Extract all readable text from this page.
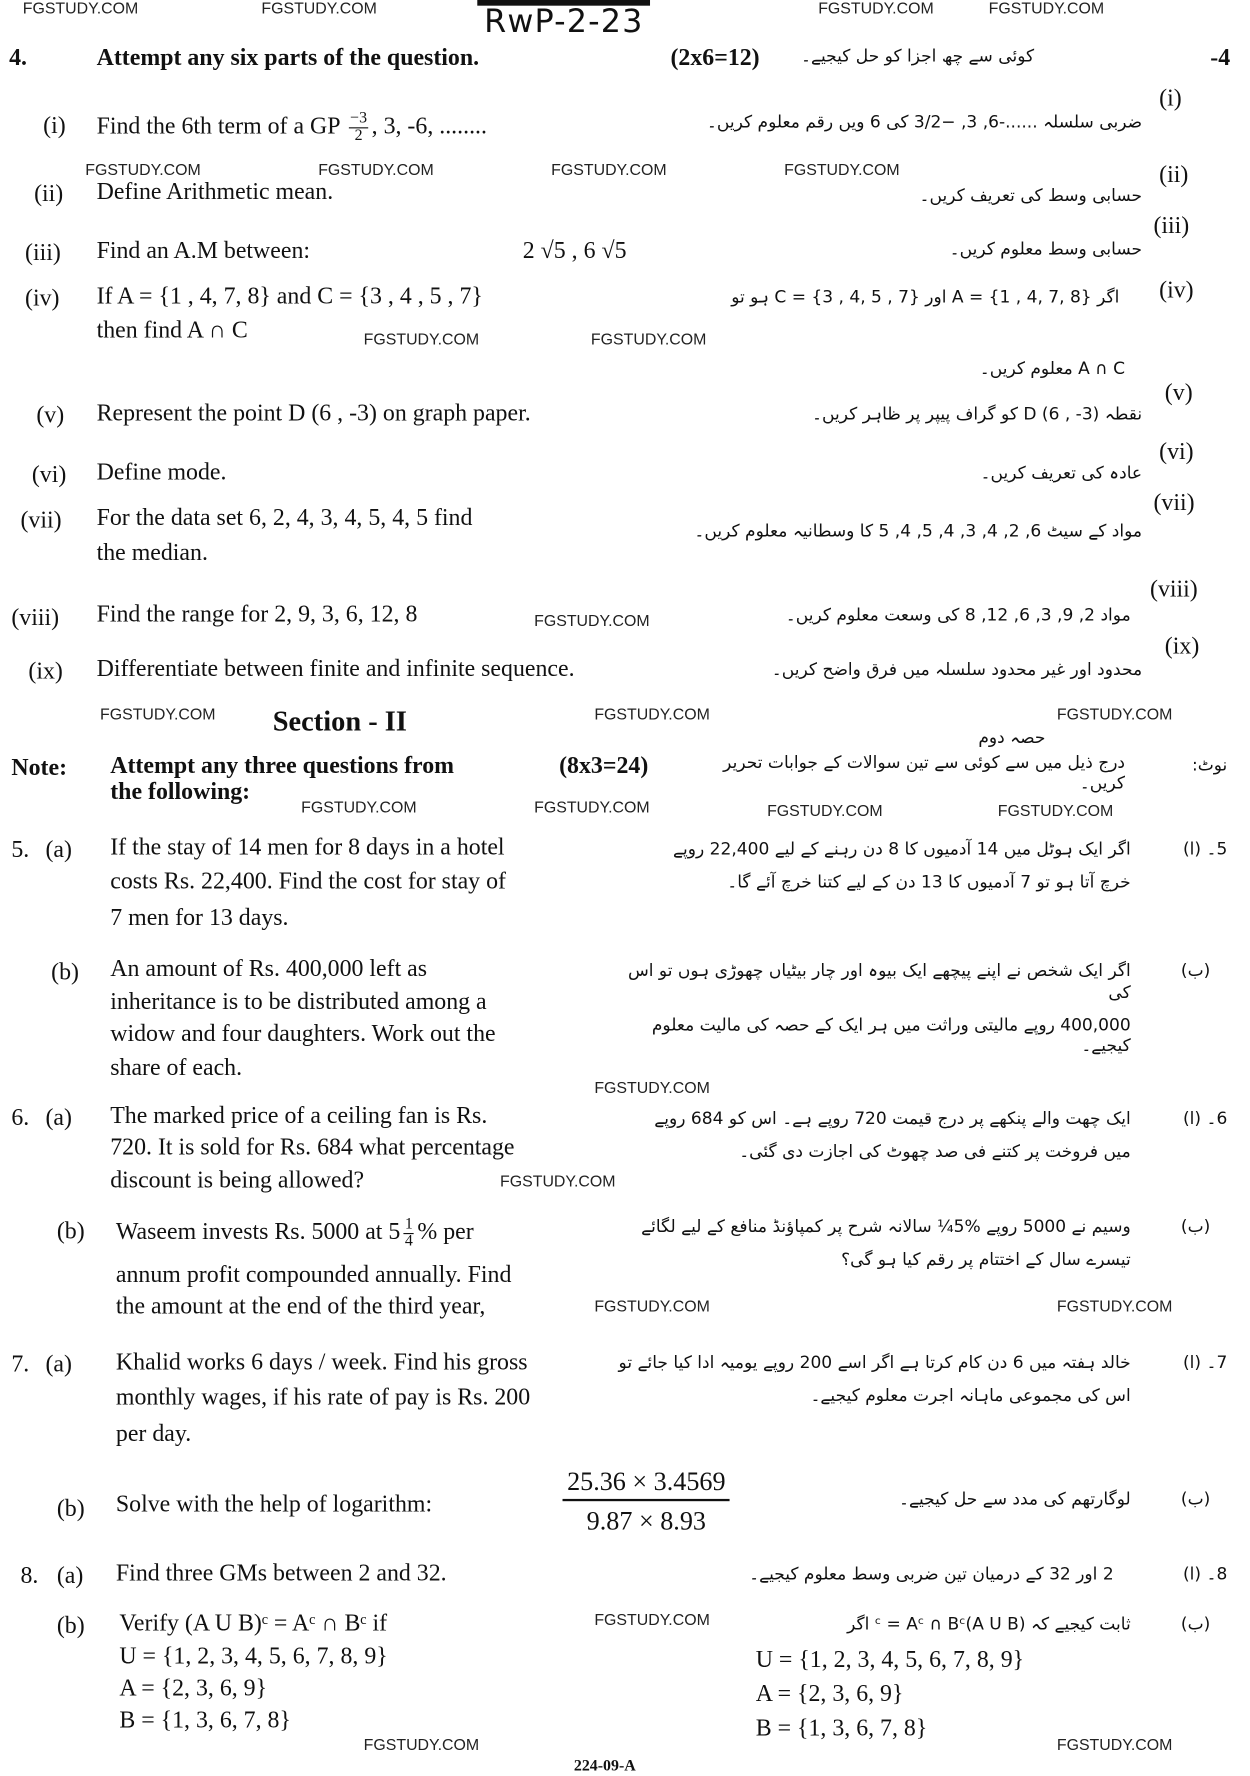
FGSTUDY.COM	FGSTUDY.COM	FGSTUDY.COM	FGSTUDY.COM
FGSTUDY.COM	FGSTUDY.COM	FGSTUDY.COM	FGSTUDY.COM
FGSTUDY.COM	FGSTUDY.COM
FGSTUDY.COM
FGSTUDY.COM	FGSTUDY.COM	FGSTUDY.COM
FGSTUDY.COM	FGSTUDY.COM	FGSTUDY.COM	FGSTUDY.COM
FGSTUDY.COM
FGSTUDY.COM
FGSTUDY.COM	FGSTUDY.COM
FGSTUDY.COM
FGSTUDY.COM	FGSTUDY.COM
RwP-2-23
4.	Attempt any six parts of the question.	(2x6=12)	کوئی سے چھ اجزا کو حل کیجیے۔	-4
(i) Find the 6th term of a GP $\frac{-3}{2}$ , 3, -6, ........	ضربی سلسلہ ......-6, 3, −3/2 کی 6 ویں رقم معلوم کریں۔
(i)
(ii) Define Arithmetic mean.	حسابی وسط کی تعریف کریں۔
(ii)
(iii) Find an A.M between:	2 √5 , 6 √5	حسابی وسط معلوم کریں۔
(iii)
(iv) If A = {1 , 4, 7, 8} and C = {3 , 4 , 5 , 7}
then find A ∩ C
اگر A = {1 , 4, 7, 8} اور C = {3 , 4, 5 , 7} ہو تو
A ∩ C معلوم کریں۔
(iv)
(v) Represent the point D (6 , -3) on graph paper.	نقطہ D (6 , -3) کو گراف پیپر پر ظاہر کریں۔
(v)
(vi) Define mode.	عادہ کی تعریف کریں۔
(vi)
(vii) For the data set 6, 2, 4, 3, 4, 5, 4, 5 find
the median.
مواد کے سیٹ 6, 2, 4, 3, 4, 5, 4, 5 کا وسطانیہ معلوم کریں۔
(vii)
(viii) Find the range for 2, 9, 3, 6, 12, 8	مواد 2, 9, 3, 6, 12, 8 کی وسعت معلوم کریں۔
(viii)
(ix) Differentiate between finite and infinite sequence.	محدود اور غیر محدود سلسلہ میں فرق واضح کریں۔
(ix)
Section - II
حصہ دوم
Note: Attempt any three questions from
the following:
(8x3=24)	درج ذیل میں سے کوئی سے تین سوالات کے جوابات تحریر کریں۔
نوٹ:
5. (a) If the stay of 14 men for 8 days in a hotel
costs Rs. 22,400. Find the cost for stay of
7 men for 13 days.
اگر ایک ہوٹل میں 14 آدمیوں کا 8 دن رہنے کے لیے 22,400 روپے
خرچ آتا ہو تو 7 آدمیوں کا 13 دن کے لیے کتنا خرچ آئے گا۔
5۔ (ا)
(b) An amount of Rs. 400,000 left as
inheritance is to be distributed among a
widow and four daughters. Work out the
share of each.
اگر ایک شخص نے اپنے پیچھے ایک بیوہ اور چار بیٹیاں چھوڑی ہوں تو اس کی
400,000 روپے مالیتی وراثت میں ہر ایک کے حصہ کی مالیت معلوم کیجیے۔
(ب)
6. (a) The marked price of a ceiling fan is Rs.
720. It is sold for Rs. 684 what percentage
discount is being allowed?
ایک چھت والے پنکھے پر درج قیمت 720 روپے ہے۔ اس کو 684 روپے
میں فروخت پر کتنے فی صد چھوٹ کی اجازت دی گئی۔
6۔ (ا)
(b) Waseem invests Rs. 5000 at $5 \frac{1}{4}$ % per
annum profit compounded annually. Find
the amount at the end of the third year,
وسیم نے 5000 روپے %5¼ سالانہ شرح پر کمپاؤنڈ منافع کے لیے لگائے
تیسرے سال کے اختتام پر رقم کیا ہو گی؟
(ب)
7. (a) Khalid works 6 days / week. Find his gross
monthly wages, if his rate of pay is Rs. 200
per day.
خالد ہفتہ میں 6 دن کام کرتا ہے اگر اسے 200 روپے یومیہ ادا کیا جائے تو
اس کی مجموعی ماہانہ اجرت معلوم کیجیے۔
7۔ (ا)
(b) Solve with the help of logarithm:	$\frac{25.36 \times 3.4569}{9.87 \times 8.93}$	لوگارتھم کی مدد سے حل کیجیے۔	(ب)
8. (a) Find three GMs between 2 and 32.	2 اور 32 کے درمیان تین ضربی وسط معلوم کیجیے۔	8۔ (ا)
(b) Verify (A U B)ᶜ = Aᶜ ∩ Bᶜ if
U = {1, 2, 3, 4, 5, 6, 7, 8, 9}
A = {2, 3, 6, 9}
B = {1, 3, 6, 7, 8}
ثابت کیجیے کہ (A U B)ᶜ = Aᶜ ∩ Bᶜ اگر	(ب)
U = {1, 2, 3, 4, 5, 6, 7, 8, 9}
A = {2, 3, 6, 9}
B = {1, 3, 6, 7, 8}
224-09-A
